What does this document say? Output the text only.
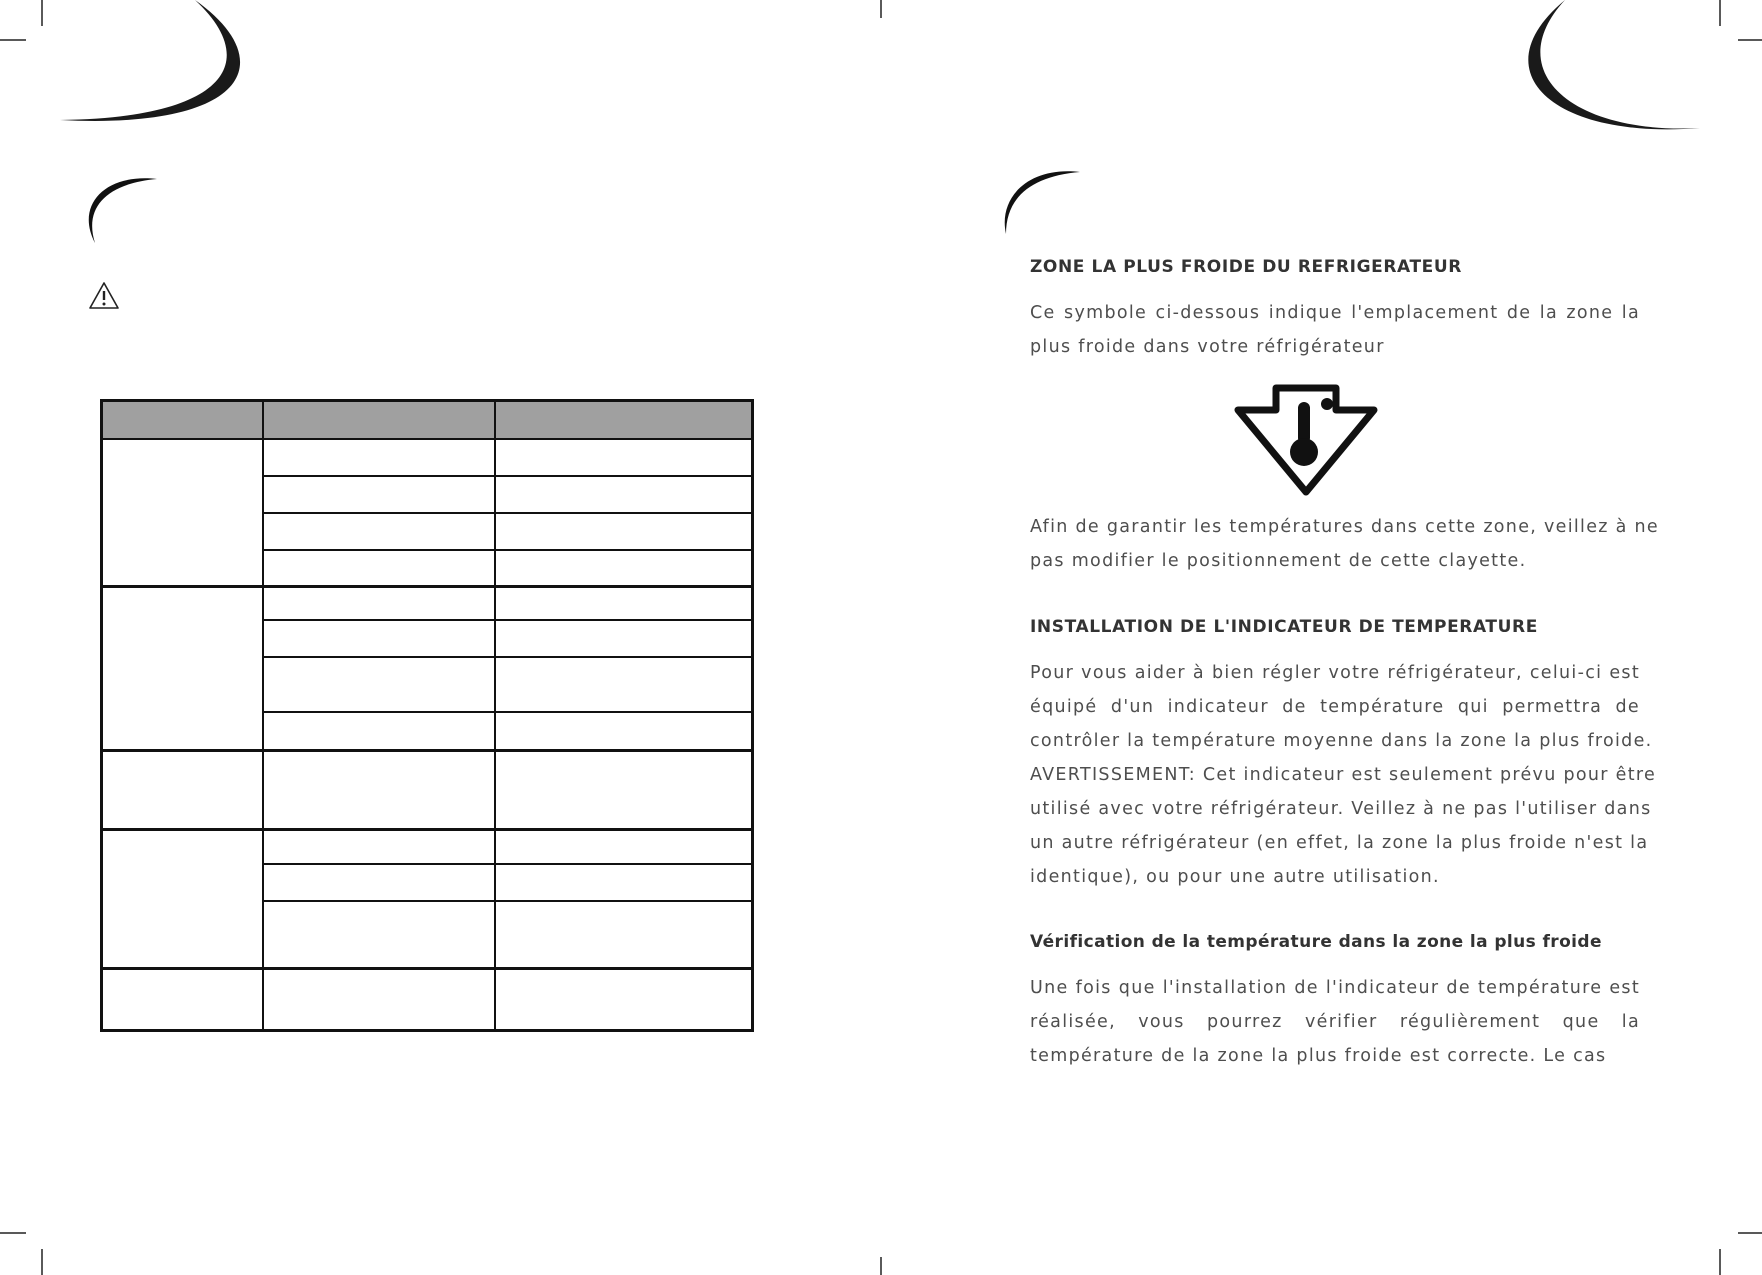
ZONE LA PLUS FROIDE DU REFRIGERATEUR
Ce symbole ci-dessous indique l'emplacement de la zone la
plus froide dans votre réfrigérateur
Afin de garantir les températures dans cette zone, veillez à ne
pas modifier le positionnement de cette clayette.
INSTALLATION DE L'INDICATEUR DE TEMPERATURE
Pour vous aider à bien régler votre réfrigérateur, celui-ci est
équipé d'un indicateur de température qui permettra de
contrôler la température moyenne dans la zone la plus froide.
AVERTISSEMENT: Cet indicateur est seulement prévu pour être
utilisé avec votre réfrigérateur. Veillez à ne pas l'utiliser dans
un autre réfrigérateur (en effet, la zone la plus froide n'est la
identique), ou pour une autre utilisation.
Vérification de la température dans la zone la plus froide
Une fois que l'installation de l'indicateur de température est
réalisée, vous pourrez vérifier régulièrement que la
température de la zone la plus froide est correcte. Le cas
